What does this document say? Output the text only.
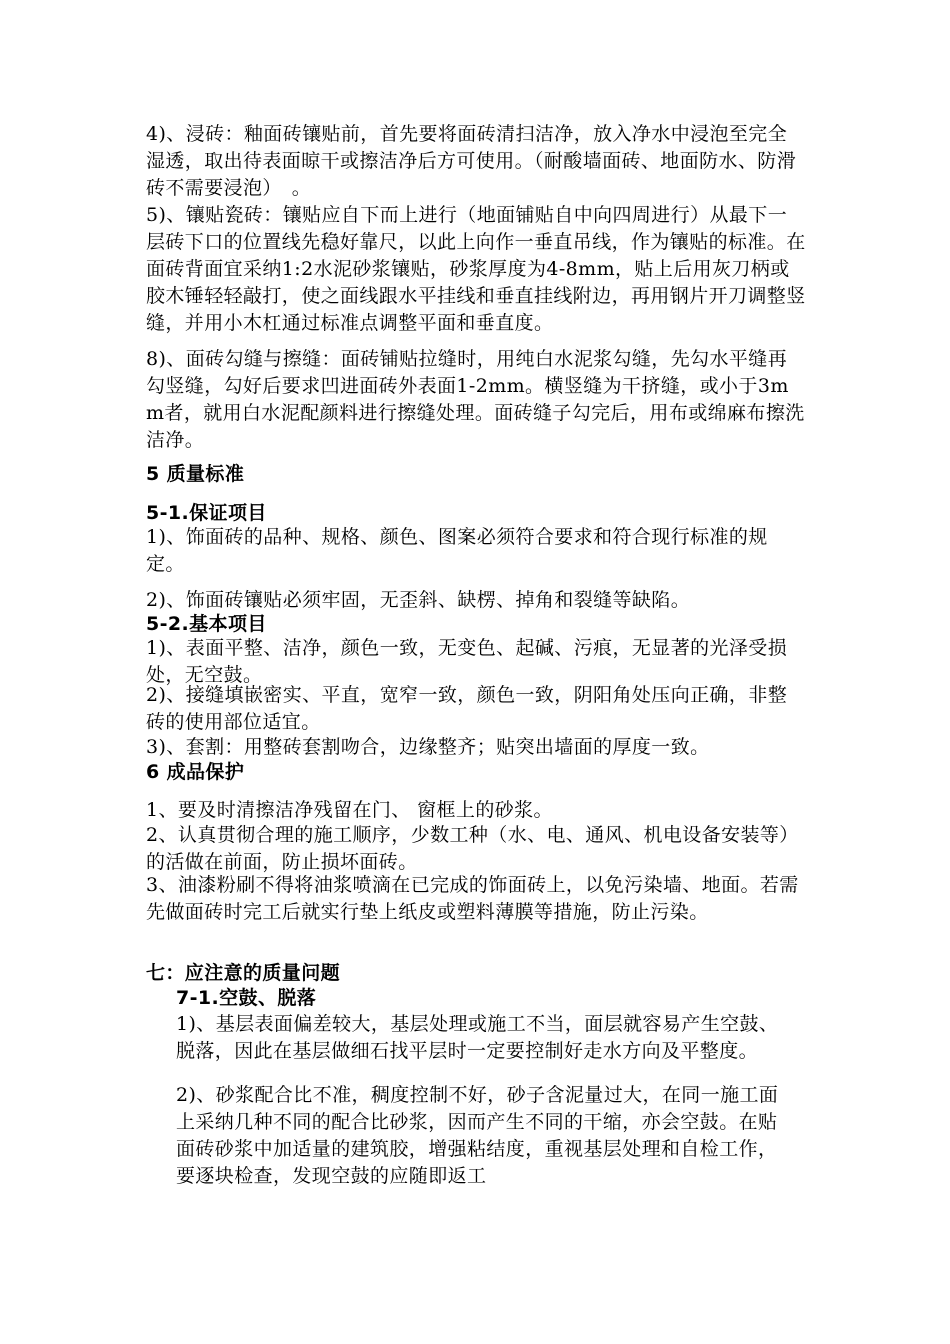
4)、浸砖：釉面砖镶贴前，首先要将面砖清扫洁净，放入净水中浸泡至完全湿透，取出待表面晾干或擦洁净后方可使用。（耐酸墙面砖、地面防水、防滑砖不需要浸泡）　。

5)、镶贴瓷砖：镶贴应自下而上进行（地面铺贴自中向四周进行）从最下一层砖下口的位置线先稳好靠尺，以此上向作一垂直吊线，作为镶贴的标准。在面砖背面宜采纳1:2水泥砂浆镶贴，砂浆厚度为4-8mm，贴上后用灰刀柄或胶木锤轻轻敲打，使之面线跟水平挂线和垂直挂线附边，再用钢片开刀调整竖缝，并用小木杠通过标准点调整平面和垂直度。

8)、面砖勾缝与擦缝：面砖铺贴拉缝时，用纯白水泥浆勾缝，先勾水平缝再勾竖缝，勾好后要求凹进面砖外表面1-2mm。横竖缝为干挤缝，或小于3mm者，就用白水泥配颜料进行擦缝处理。面砖缝子勾完后，用布或绵麻布擦洗洁净。

5 质量标准
5-1.保证项目

1)、饰面砖的品种、规格、颜色、图案必须符合要求和符合现行标准的规定。

2)、饰面砖镶贴必须牢固，无歪斜、缺楞、掉角和裂缝等缺陷。

5-2.基本项目

1)、表面平整、洁净，颜色一致，无变色、起碱、污痕，无显著的光泽受损处，无空鼓。

2)、接缝填嵌密实、平直，宽窄一致，颜色一致，阴阳角处压向正确，非整砖的使用部位适宜。

3)、套割：用整砖套割吻合，边缘整齐；贴突出墙面的厚度一致。

6 成品保护

1、要及时清擦洁净残留在门、 窗框上的砂浆。

2、认真贯彻合理的施工顺序，少数工种（水、电、通风、机电设备安装等）的活做在前面，防止损坏面砖。

3、油漆粉刷不得将油浆喷滴在已完成的饰面砖上，以免污染墙、地面。若需先做面砖时完工后就实行垫上纸皮或塑料薄膜等措施，防止污染。

七：应注意的质量问题
7-1.空鼓、脱落

1)、基层表面偏差较大，基层处理或施工不当，面层就容易产生空鼓、脱落，因此在基层做细石找平层时一定要控制好走水方向及平整度。

2)、砂浆配合比不准，稠度控制不好，砂子含泥量过大，在同一施工面上采纳几种不同的配合比砂浆，因而产生不同的干缩，亦会空鼓。在贴面砖砂浆中加适量的建筑胶，增强粘结度，重视基层处理和自检工作，要逐块检查，发现空鼓的应随即返工
